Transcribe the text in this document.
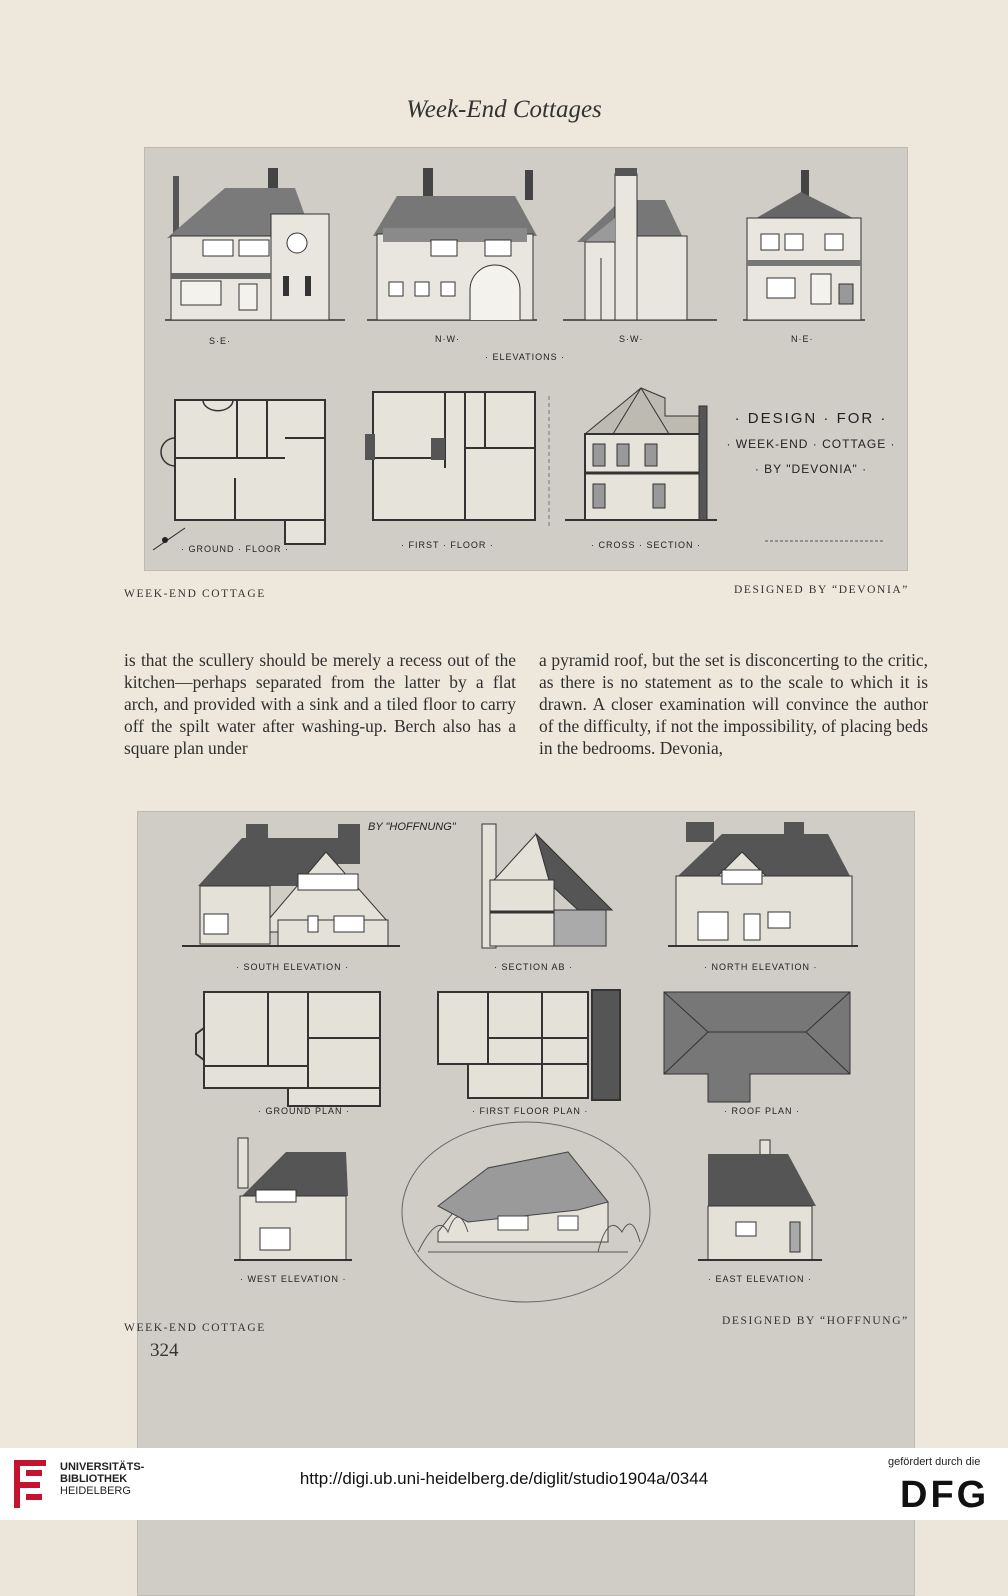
Week-End Cottages
S·E·	N·W·	S·W·	N·E·
· ELEVATIONS ·
· GROUND · FLOOR ·	· FIRST · FLOOR ·	· CROSS · SECTION ·
· DESIGN · FOR ·
· WEEK-END · COTTAGE ·
· BY "DEVONIA" ·
WEEK-END COTTAGE	DESIGNED BY “DEVONIA”
is that the scullery should be merely a recess out of the kitchen—perhaps separated from the latter by a flat arch, and provided with a sink and a tiled floor to carry off the spilt water after washing-up. Berch also has a square plan under
a pyramid roof, but the set is disconcerting to the critic, as there is no statement as to the scale to which it is drawn. A closer examination will convince the author of the difficulty, if not the impossibility, of placing beds in the bedrooms. Devonia,
BY "HOFFNUNG"
· SOUTH ELEVATION ·	· SECTION AB ·	· NORTH ELEVATION ·
· GROUND PLAN ·	· FIRST FLOOR PLAN ·	· ROOF PLAN ·
· WEST ELEVATION ·	· EAST ELEVATION ·
WEEK-END COTTAGE
DESIGNED BY “HOFFNUNG”
324
UNIVERSITÄTS-
BIBLIOTHEK
HEIDELBERG
http://digi.ub.uni-heidelberg.de/diglit/studio1904a/0344
gefördert durch die
DFG
